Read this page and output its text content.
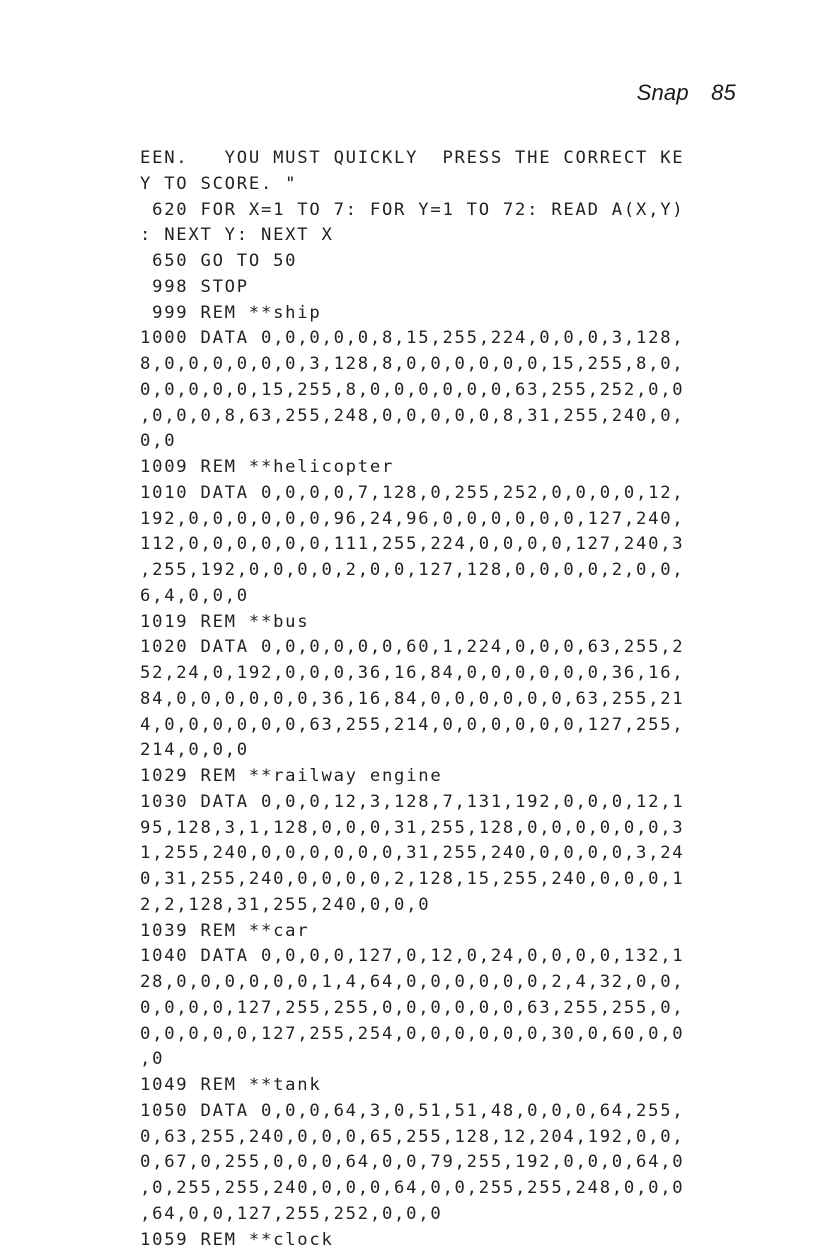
Snap 85
EEN.   YOU MUST QUICKLY  PRESS THE CORRECT KE
Y TO SCORE. "
620 FOR X=1 TO 7: FOR Y=1 TO 72: READ A(X,Y)
: NEXT Y: NEXT X
650 GO TO 50
998 STOP
999 REM **ship
1000 DATA 0,0,0,0,0,8,15,255,224,0,0,0,3,128,
8,0,0,0,0,0,0,3,128,8,0,0,0,0,0,0,15,255,8,0,
0,0,0,0,0,15,255,8,0,0,0,0,0,0,63,255,252,0,0
,0,0,0,8,63,255,248,0,0,0,0,0,8,31,255,240,0,
0,0
1009 REM **helicopter
1010 DATA 0,0,0,0,7,128,0,255,252,0,0,0,0,12,
192,0,0,0,0,0,0,96,24,96,0,0,0,0,0,0,127,240,
112,0,0,0,0,0,0,111,255,224,0,0,0,0,127,240,3
,255,192,0,0,0,0,2,0,0,127,128,0,0,0,0,2,0,0,
6,4,0,0,0
1019 REM **bus
1020 DATA 0,0,0,0,0,0,60,1,224,0,0,0,63,255,2
52,24,0,192,0,0,0,36,16,84,0,0,0,0,0,0,36,16,
84,0,0,0,0,0,0,36,16,84,0,0,0,0,0,0,63,255,21
4,0,0,0,0,0,0,63,255,214,0,0,0,0,0,0,127,255,
214,0,0,0
1029 REM **railway engine
1030 DATA 0,0,0,12,3,128,7,131,192,0,0,0,12,1
95,128,3,1,128,0,0,0,31,255,128,0,0,0,0,0,0,3
1,255,240,0,0,0,0,0,0,31,255,240,0,0,0,0,3,24
0,31,255,240,0,0,0,0,2,128,15,255,240,0,0,0,1
2,2,128,31,255,240,0,0,0
1039 REM **car
1040 DATA 0,0,0,0,127,0,12,0,24,0,0,0,0,132,1
28,0,0,0,0,0,0,1,4,64,0,0,0,0,0,0,2,4,32,0,0,
0,0,0,0,127,255,255,0,0,0,0,0,0,63,255,255,0,
0,0,0,0,0,127,255,254,0,0,0,0,0,0,30,0,60,0,0
,0
1049 REM **tank
1050 DATA 0,0,0,64,3,0,51,51,48,0,0,0,64,255,
0,63,255,240,0,0,0,65,255,128,12,204,192,0,0,
0,67,0,255,0,0,0,64,0,0,79,255,192,0,0,0,64,0
,0,255,255,240,0,0,0,64,0,0,255,255,248,0,0,0
,64,0,0,127,255,252,0,0,0
1059 REM **clock
